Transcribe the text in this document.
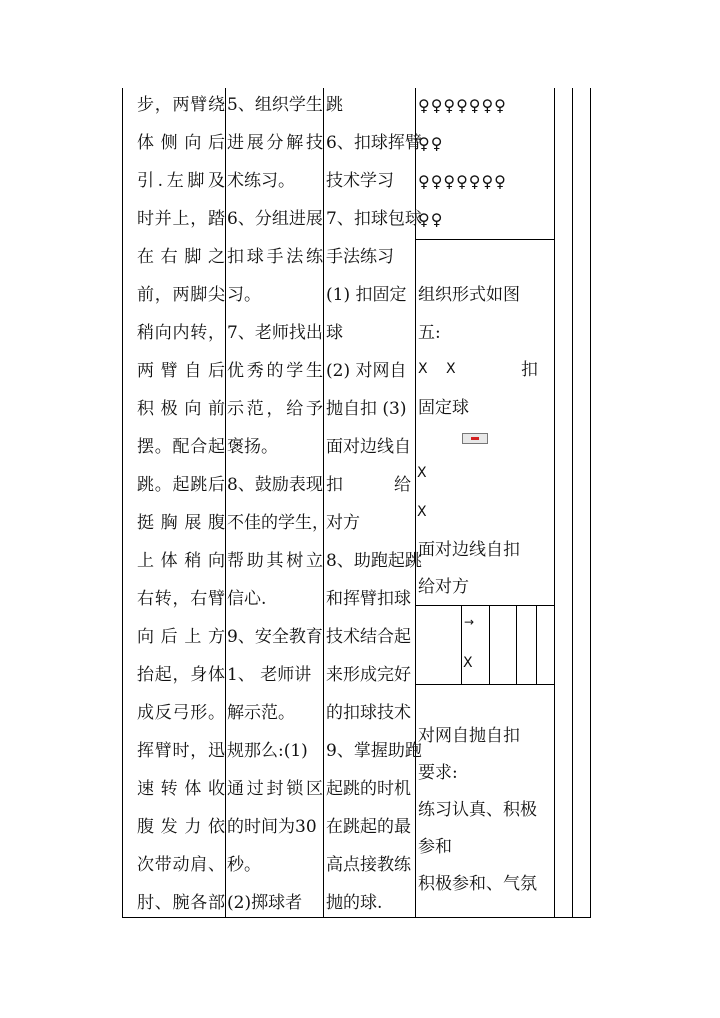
步，两臂绕
体侧向后
引.左脚及
时并上，踏
在右脚之
前，两脚尖
稍向内转，
两臂自后
积极向前
摆。配合起
跳。起跳后
挺胸展腹
上体稍向
右转，右臂
向后上方
抬起，身体
成反弓形。
挥臂时，迅
速转体收
腹发力依
次带动肩、
肘、腕各部
5、组织学生
进展分解技
术练习。
6、分组进展
扣球手法练
习。
7、老师找出
优秀的学生
示范，给予
褒扬。
8、鼓励表现
不佳的学生，
帮助其树立
信心.
9、安全教育
1、 老师讲
解示范。
规那么:(1)
通过封锁区
的时间为30
秒。
(2)掷球者
跳
6、扣球挥臂
技术学习
7、扣球包球
手法练习
(1) 扣固定
球
(2) 对网自
抛自扣 (3)
面对边线自
扣　　　给
对方
8、助跑起跳
和挥臂扣球
技术结合起
来形成完好
的扣球技术
9、掌握助跑
起跳的时机
在跳起的最
高点接教练
抛的球.
♀♀♀♀♀♀♀
♀♀
♀♀♀♀♀♀♀
♀♀
组织形式如图
五:
X X	扣
固定球
X
X
面对边线自扣
给对方
→
X
对网自抛自扣
要求:
练习认真、积极
参和
积极参和、气氛
